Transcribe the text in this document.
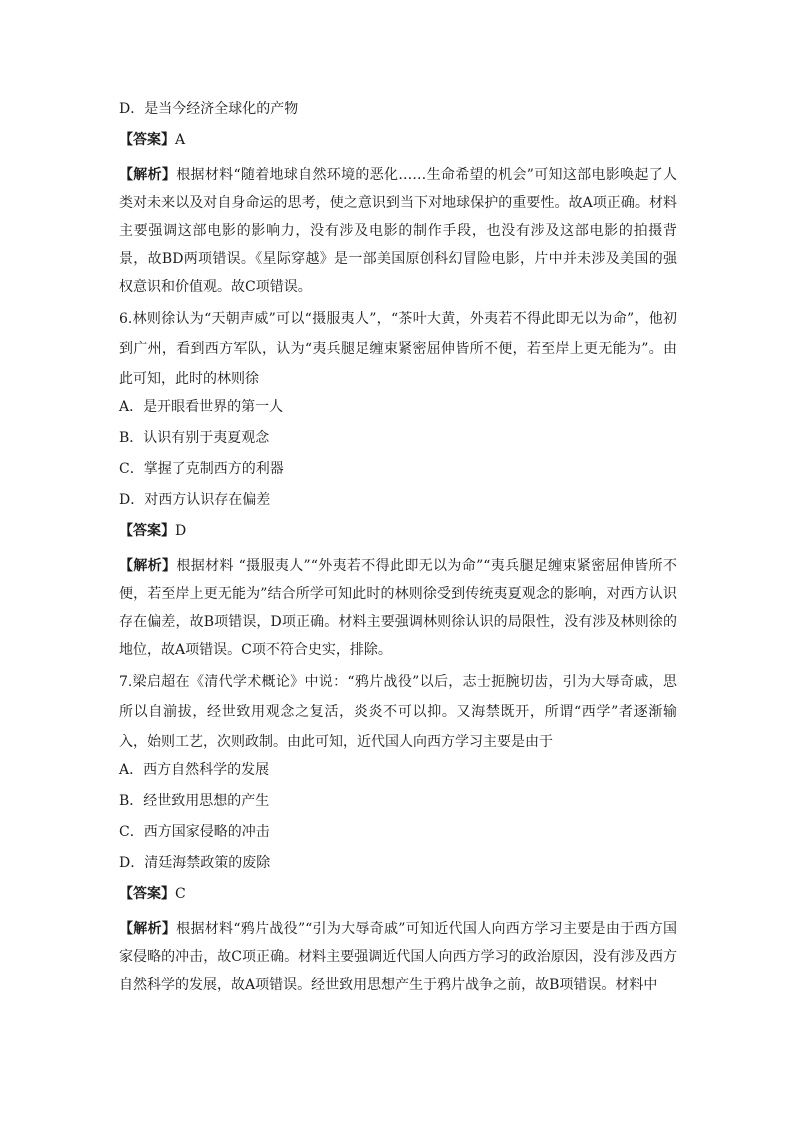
D．是当今经济全球化的产物

【答案】A

【解析】根据材料“随着地球自然环境的恶化……生命希望的机会”可知这部电影唤起了人类对未来以及对自身命运的思考，使之意识到当下对地球保护的重要性。故A项正确。材料主要强调这部电影的影响力，没有涉及电影的制作手段，也没有涉及这部电影的拍摄背景，故BD两项错误。《星际穿越》是一部美国原创科幻冒险电影，片中并未涉及美国的强权意识和价值观。故C项错误。

6.林则徐认为“天朝声威”可以“摄服夷人”，“茶叶大黄，外夷若不得此即无以为命”，他初到广州，看到西方军队，认为“夷兵腿足缠束紧密屈伸皆所不便，若至岸上更无能为”。由此可知，此时的林则徐

A．是开眼看世界的第一人

B．认识有别于夷夏观念

C．掌握了克制西方的利器

D．对西方认识存在偏差

【答案】D

【解析】根据材料 “摄服夷人”“外夷若不得此即无以为命”“夷兵腿足缠束紧密屈伸皆所不便，若至岸上更无能为”结合所学可知此时的林则徐受到传统夷夏观念的影响，对西方认识存在偏差，故B项错误，D项正确。材料主要强调林则徐认识的局限性，没有涉及林则徐的地位，故A项错误。C项不符合史实，排除。

7.梁启超在《清代学术概论》中说：“鸦片战役”以后，志士扼腕切齿，引为大辱奇戚，思所以自湔拔，经世致用观念之复活，炎炎不可以抑。又海禁既开，所谓“西学”者逐渐输入，始则工艺，次则政制。由此可知，近代国人向西方学习主要是由于

A．西方自然科学的发展

B．经世致用思想的产生

C．西方国家侵略的冲击

D．清廷海禁政策的废除

【答案】C

【解析】根据材料“鸦片战役”“引为大辱奇戚”可知近代国人向西方学习主要是由于西方国家侵略的冲击，故C项正确。材料主要强调近代国人向西方学习的政治原因，没有涉及西方自然科学的发展，故A项错误。经世致用思想产生于鸦片战争之前，故B项错误。材料中
